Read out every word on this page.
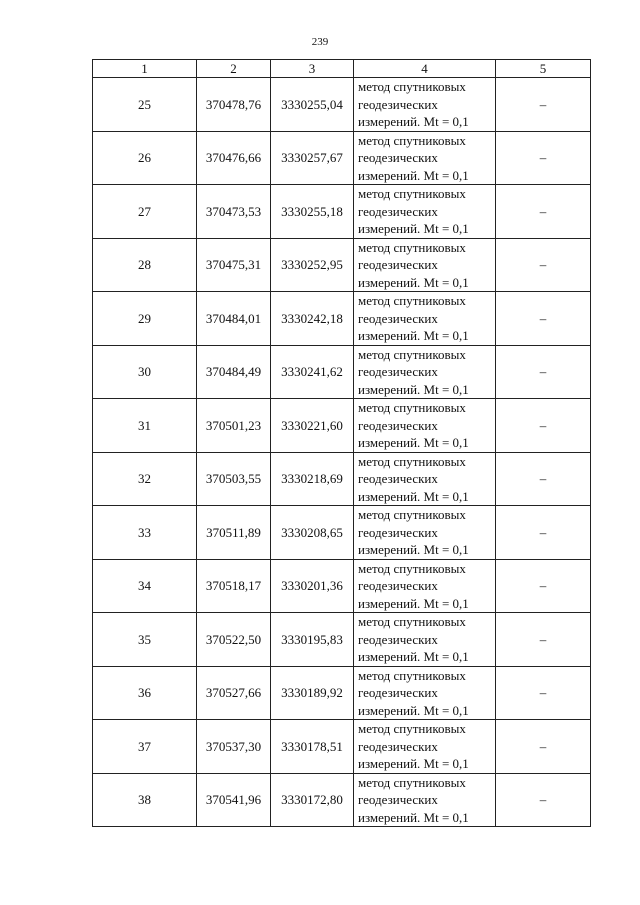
239
1	2	3	4	5
25	370478,76	3330255,04	метод спутниковых
геодезических
измерений. Mt = 0,1	–
26	370476,66	3330257,67	метод спутниковых
геодезических
измерений. Mt = 0,1	–
27	370473,53	3330255,18	метод спутниковых
геодезических
измерений. Mt = 0,1	–
28	370475,31	3330252,95	метод спутниковых
геодезических
измерений. Mt = 0,1	–
29	370484,01	3330242,18	метод спутниковых
геодезических
измерений. Mt = 0,1	–
30	370484,49	3330241,62	метод спутниковых
геодезических
измерений. Mt = 0,1	–
31	370501,23	3330221,60	метод спутниковых
геодезических
измерений. Mt = 0,1	–
32	370503,55	3330218,69	метод спутниковых
геодезических
измерений. Mt = 0,1	–
33	370511,89	3330208,65	метод спутниковых
геодезических
измерений. Mt = 0,1	–
34	370518,17	3330201,36	метод спутниковых
геодезических
измерений. Mt = 0,1	–
35	370522,50	3330195,83	метод спутниковых
геодезических
измерений. Mt = 0,1	–
36	370527,66	3330189,92	метод спутниковых
геодезических
измерений. Mt = 0,1	–
37	370537,30	3330178,51	метод спутниковых
геодезических
измерений. Mt = 0,1	–
38	370541,96	3330172,80	метод спутниковых
геодезических
измерений. Mt = 0,1	–
